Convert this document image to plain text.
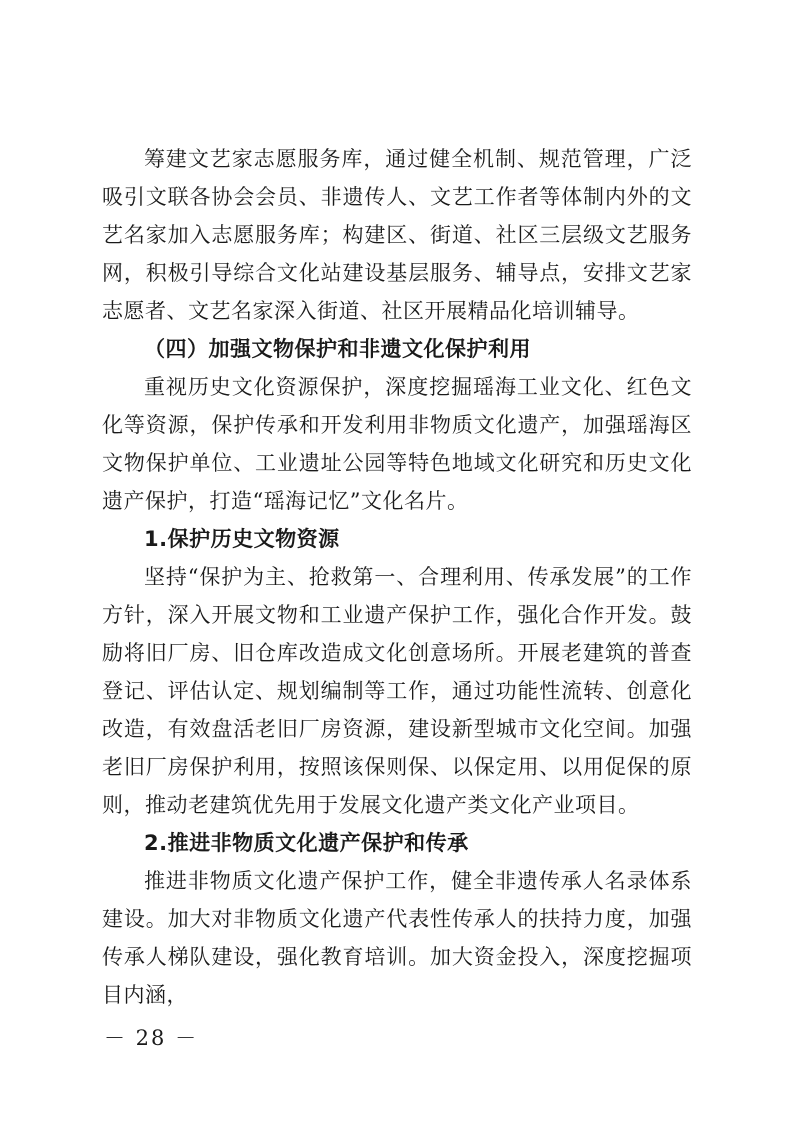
筹建文艺家志愿服务库，通过健全机制、规范管理，广泛吸引文联各协会会员、非遗传人、文艺工作者等体制内外的文艺名家加入志愿服务库；构建区、街道、社区三层级文艺服务网，积极引导综合文化站建设基层服务、辅导点，安排文艺家志愿者、文艺名家深入街道、社区开展精品化培训辅导。

（四）加强文物保护和非遗文化保护利用

重视历史文化资源保护，深度挖掘瑶海工业文化、红色文化等资源，保护传承和开发利用非物质文化遗产，加强瑶海区文物保护单位、工业遗址公园等特色地域文化研究和历史文化遗产保护，打造“瑶海记忆”文化名片。

1.保护历史文物资源

坚持“保护为主、抢救第一、合理利用、传承发展”的工作方针，深入开展文物和工业遗产保护工作，强化合作开发。鼓励将旧厂房、旧仓库改造成文化创意场所。开展老建筑的普查登记、评估认定、规划编制等工作，通过功能性流转、创意化改造，有效盘活老旧厂房资源，建设新型城市文化空间。加强老旧厂房保护利用，按照该保则保、以保定用、以用促保的原则，推动老建筑优先用于发展文化遗产类文化产业项目。

2.推进非物质文化遗产保护和传承

推进非物质文化遗产保护工作，健全非遗传承人名录体系建设。加大对非物质文化遗产代表性传承人的扶持力度，加强传承人梯队建设，强化教育培训。加大资金投入，深度挖掘项目内涵，

－ 28 －
